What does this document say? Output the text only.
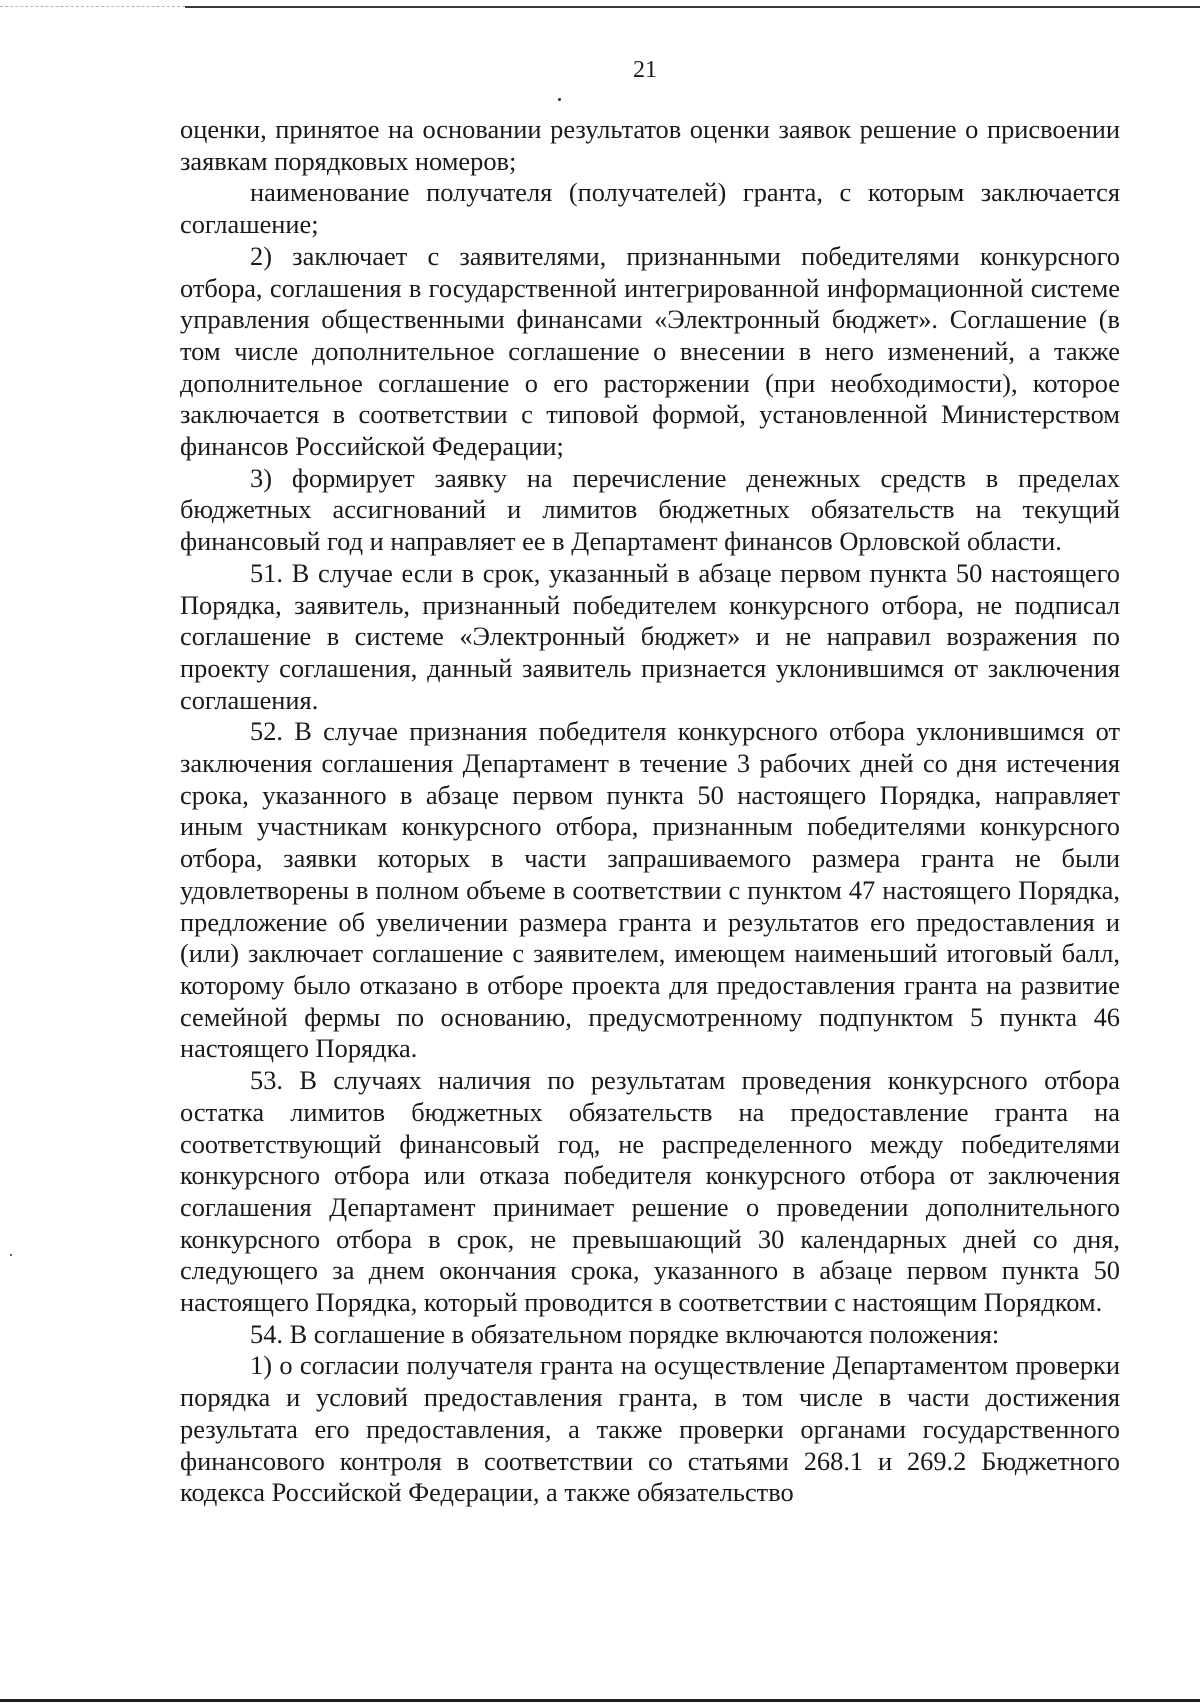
21

оценки, принятое на основании результатов оценки заявок решение о присвоении заявкам порядковых номеров;

наименование получателя (получателей) гранта, с которым заключается соглашение;

2) заключает с заявителями, признанными победителями конкурсного отбора, соглашения в государственной интегрированной информационной системе управления общественными финансами «Электронный бюджет». Соглашение (в том числе дополнительное соглашение о внесении в него изменений, а также дополнительное соглашение о его расторжении (при необходимости), которое заключается в соответствии с типовой формой, установленной Министерством финансов Российской Федерации;

3) формирует заявку на перечисление денежных средств в пределах бюджетных ассигнований и лимитов бюджетных обязательств на текущий финансовый год и направляет ее в Департамент финансов Орловской области.

51. В случае если в срок, указанный в абзаце первом пункта 50 настоящего Порядка, заявитель, признанный победителем конкурсного отбора, не подписал соглашение в системе «Электронный бюджет» и не направил возражения по проекту соглашения, данный заявитель признается уклонившимся от заключения соглашения.

52. В случае признания победителя конкурсного отбора уклонившимся от заключения соглашения Департамент в течение 3 рабочих дней со дня истечения срока, указанного в абзаце первом пункта 50 настоящего Порядка, направляет иным участникам конкурсного отбора, признанным победителями конкурсного отбора, заявки которых в части запрашиваемого размера гранта не были удовлетворены в полном объеме в соответствии с пунктом 47 настоящего Порядка, предложение об увеличении размера гранта и результатов его предоставления и (или) заключает соглашение с заявителем, имеющем наименьший итоговый балл, которому было отказано в отборе проекта для предоставления гранта на развитие семейной фермы по основанию, предусмотренному подпунктом 5 пункта 46 настоящего Порядка.

53. В случаях наличия по результатам проведения конкурсного отбора остатка лимитов бюджетных обязательств на предоставление гранта на соответствующий финансовый год, не распределенного между победителями конкурсного отбора или отказа победителя конкурсного отбора от заключения соглашения Департамент принимает решение о проведении дополнительного конкурсного отбора в срок, не превышающий 30 календарных дней со дня, следующего за днем окончания срока, указанного в абзаце первом пункта 50 настоящего Порядка, который проводится в соответствии с настоящим Порядком.

54. В соглашение в обязательном порядке включаются положения:

1) о согласии получателя гранта на осуществление Департаментом проверки порядка и условий предоставления гранта, в том числе в части достижения результата его предоставления, а также проверки органами государственного финансового контроля в соответствии со статьями 268.1 и 269.2 Бюджетного кодекса Российской Федерации, а также обязательство
